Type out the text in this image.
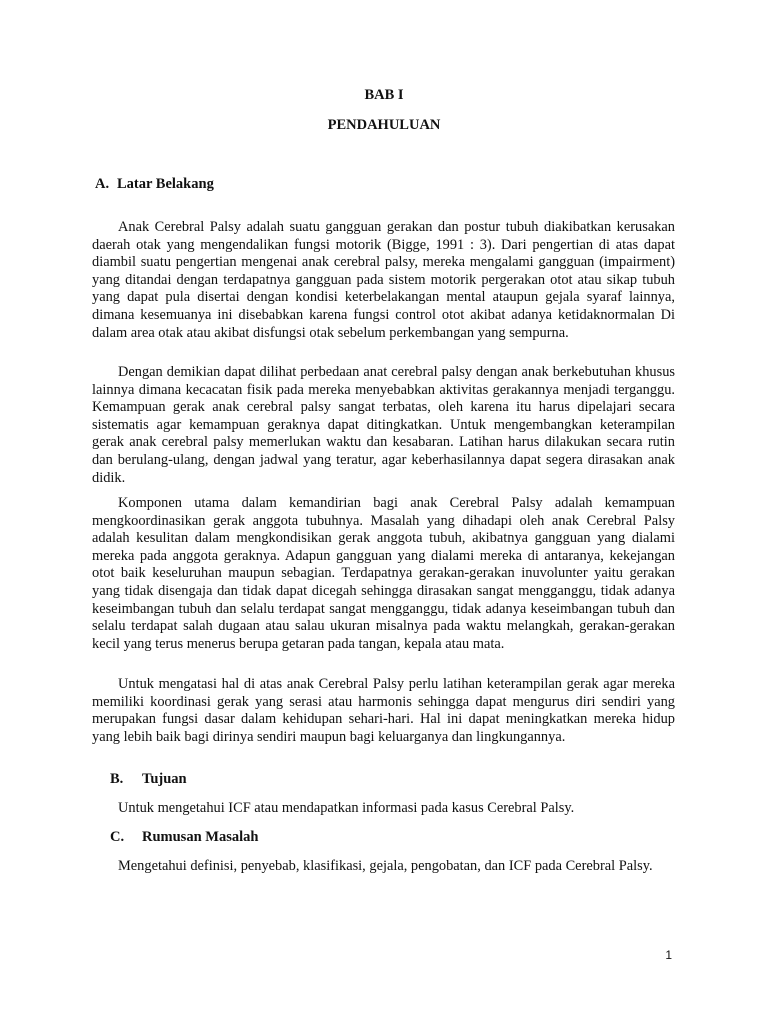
BAB I
PENDAHULUAN
A. Latar Belakang

Anak Cerebral Palsy adalah suatu gangguan gerakan dan postur tubuh diakibatkan kerusakan daerah otak yang mengendalikan fungsi motorik (Bigge, 1991 : 3). Dari pengertian di atas dapat diambil suatu pengertian mengenai anak cerebral palsy, mereka mengalami gangguan (impairment) yang ditandai dengan terdapatnya gangguan pada sistem motorik pergerakan otot atau sikap tubuh yang dapat pula disertai dengan kondisi keterbelakangan mental ataupun gejala syaraf lainnya, dimana kesemuanya ini disebabkan karena fungsi control otot akibat adanya ketidaknormalan Di dalam area otak atau akibat disfungsi otak sebelum perkembangan yang sempurna.

Dengan demikian dapat dilihat perbedaan anat cerebral palsy dengan anak berkebutuhan khusus lainnya dimana kecacatan fisik pada mereka menyebabkan aktivitas gerakannya menjadi terganggu. Kemampuan gerak anak cerebral palsy sangat terbatas, oleh karena itu harus dipelajari secara sistematis agar kemampuan geraknya dapat ditingkatkan. Untuk mengembangkan keterampilan gerak anak cerebral palsy memerlukan waktu dan kesabaran. Latihan harus dilakukan secara rutin dan berulang-ulang, dengan jadwal yang teratur, agar keberhasilannya dapat segera dirasakan anak didik.

Komponen utama dalam kemandirian bagi anak Cerebral Palsy adalah kemampuan mengkoordinasikan gerak anggota tubuhnya. Masalah yang dihadapi oleh anak Cerebral Palsy adalah kesulitan dalam mengkondisikan gerak anggota tubuh, akibatnya gangguan yang dialami mereka pada anggota geraknya. Adapun gangguan yang dialami mereka di antaranya, kekejangan otot baik keseluruhan maupun sebagian. Terdapatnya gerakan-gerakan inuvolunter yaitu gerakan yang tidak disengaja dan tidak dapat dicegah sehingga dirasakan sangat mengganggu, tidak adanya keseimbangan tubuh dan selalu terdapat sangat mengganggu, tidak adanya keseimbangan tubuh dan selalu terdapat salah dugaan atau salau ukuran misalnya pada waktu melangkah, gerakan-gerakan kecil yang terus menerus berupa getaran pada tangan, kepala atau mata.

Untuk mengatasi hal di atas anak Cerebral Palsy perlu latihan keterampilan gerak agar mereka memiliki koordinasi gerak yang serasi atau harmonis sehingga dapat mengurus diri sendiri yang merupakan fungsi dasar dalam kehidupan sehari-hari. Hal ini dapat meningkatkan mereka hidup yang lebih baik bagi dirinya sendiri maupun bagi keluarganya dan lingkungannya.

B. Tujuan

Untuk mengetahui ICF atau mendapatkan informasi pada kasus Cerebral Palsy.

C. Rumusan Masalah

Mengetahui definisi, penyebab, klasifikasi, gejala, pengobatan, dan ICF pada Cerebral Palsy.

1
